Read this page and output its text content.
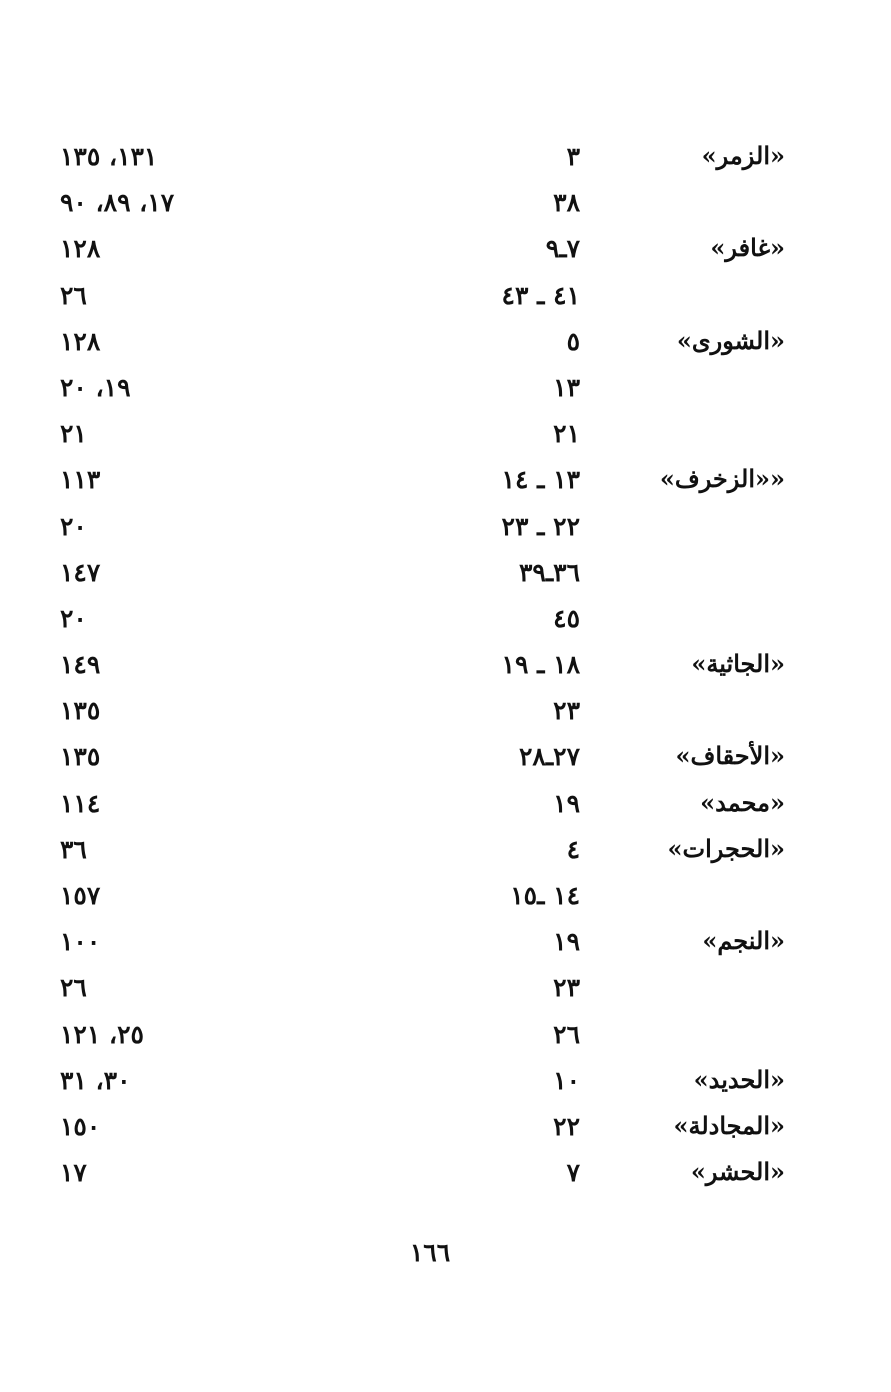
«الزمر»
٣
١٣١، ١٣٥
٣٨
١٧، ٨٩، ٩٠
«غافر»
٧ـ٩
١٢٨
٤١ ـ ٤٣
٢٦
«الشورى»
٥
١٢٨
١٣
١٩، ٢٠
٢١
٢١
««الزخرف»
١٣ ـ ١٤
١١٣
٢٢ ـ ٢٣
٢٠
٣٦ـ٣٩
١٤٧
٤٥
٢٠
«الجاثية»
١٨ ـ ١٩
١٤٩
٢٣
١٣٥
«الأحقاف»
٢٧ـ٢٨
١٣٥
«محمد»
١٩
١١٤
«الحجرات»
٤
٣٦
١٤ ـ١٥
١٥٧
«النجم»
١٩
١٠٠
٢٣
٢٦
٢٦
٢٥، ١٢١
«الحديد»
١٠
٣٠، ٣١
«المجادلة»
٢٢
١٥٠
«الحشر»
٧
١٧
١٦٦
